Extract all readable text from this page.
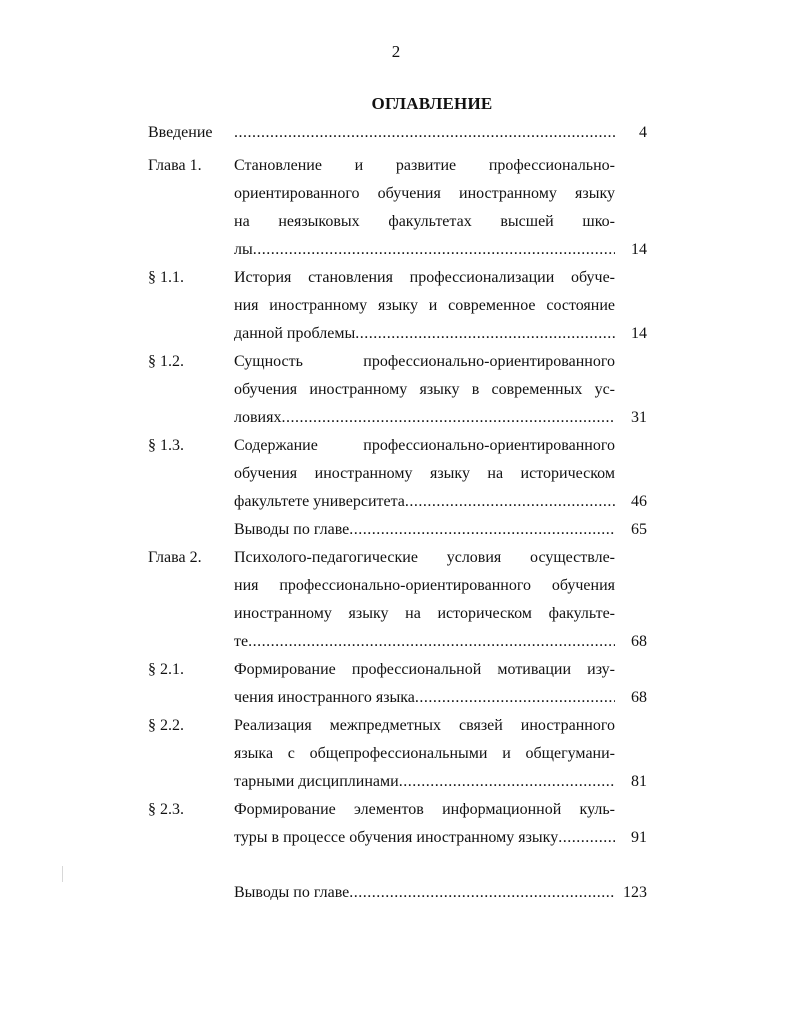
2
ОГЛАВЛЕНИЕ
Введение .....	4
Глава 1. Становление и развитие профессионально-
ориентированного обучения иностранному языку
на неязыковых факультетах высшей шко-
лы .....	14
§ 1.1.	История становления профессионализации обуче-
ния иностранному языку и современное состояние
данной проблемы .....	14
§ 1.2.	Сущность профессионально-ориентированного
обучения иностранному языку в современных ус-
ловиях .....	31
§ 1.3.	Содержание профессионально-ориентированного
обучения иностранному языку на историческом
факультете университета .....	46
Выводы по главе .....	65
Глава 2. Психолого-педагогические условия осуществле-
ния профессионально-ориентированного обучения
иностранному языку на историческом факульте-
те .....	68
§ 2.1.	Формирование профессиональной мотивации изу-
чения иностранного языка .....	68
§ 2.2.	Реализация межпредметных связей иностранного
языка с общепрофессиональными и общегумани-
тарными дисциплинами .....	81
§ 2.3.	Формирование элементов информационной куль-
туры в процессе обучения иностранному языку .....	91
Выводы по главе .....	123
